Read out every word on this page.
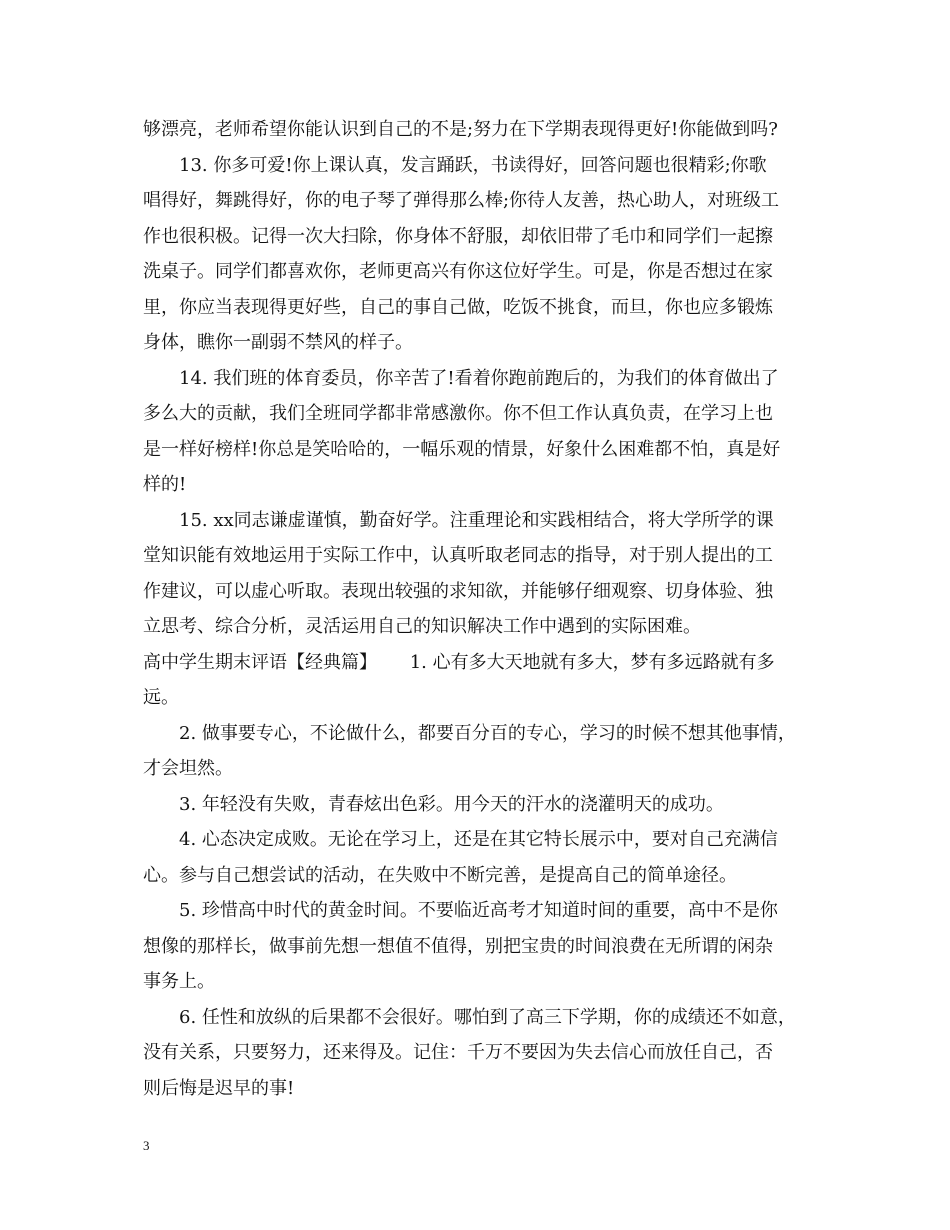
够漂亮，老师希望你能认识到自己的不是;努力在下学期表现得更好!你能做到吗?
13. 你多可爱!你上课认真，发言踊跃，书读得好，回答问题也很精彩;你歌
唱得好，舞跳得好，你的电子琴了弹得那么棒;你待人友善，热心助人，对班级工
作也很积极。记得一次大扫除，你身体不舒服，却依旧带了毛巾和同学们一起擦
洗桌子。同学们都喜欢你，老师更高兴有你这位好学生。可是，你是否想过在家
里，你应当表现得更好些，自己的事自己做，吃饭不挑食，而旦，你也应多锻炼
身体，瞧你一副弱不禁风的样子。
14. 我们班的体育委员，你辛苦了!看着你跑前跑后的，为我们的体育做出了
多么大的贡献，我们全班同学都非常感激你。你不但工作认真负责，在学习上也
是一样好榜样!你总是笑哈哈的，一幅乐观的情景，好象什么困难都不怕，真是好
样的!
15. xx同志谦虚谨慎，勤奋好学。注重理论和实践相结合，将大学所学的课
堂知识能有效地运用于实际工作中，认真听取老同志的指导，对于别人提出的工
作建议，可以虚心听取。表现出较强的求知欲，并能够仔细观察、切身体验、独
立思考、综合分析，灵活运用自己的知识解决工作中遇到的实际困难。
高中学生期末评语【经典篇】　　 1. 心有多大天地就有多大，梦有多远路就有多
远。
2. 做事要专心，不论做什么，都要百分百的专心，学习的时候不想其他事情，
才会坦然。
3. 年轻没有失败，青春炫出色彩。用今天的汗水的浇灌明天的成功。
4. 心态决定成败。无论在学习上，还是在其它特长展示中，要对自己充满信
心。参与自己想尝试的活动，在失败中不断完善，是提高自己的简单途径。
5. 珍惜高中时代的黄金时间。不要临近高考才知道时间的重要，高中不是你
想像的那样长，做事前先想一想值不值得，别把宝贵的时间浪费在无所谓的闲杂
事务上。
6. 任性和放纵的后果都不会很好。哪怕到了高三下学期，你的成绩还不如意，
没有关系，只要努力，还来得及。记住：千万不要因为失去信心而放任自己，否
则后悔是迟早的事!
3
